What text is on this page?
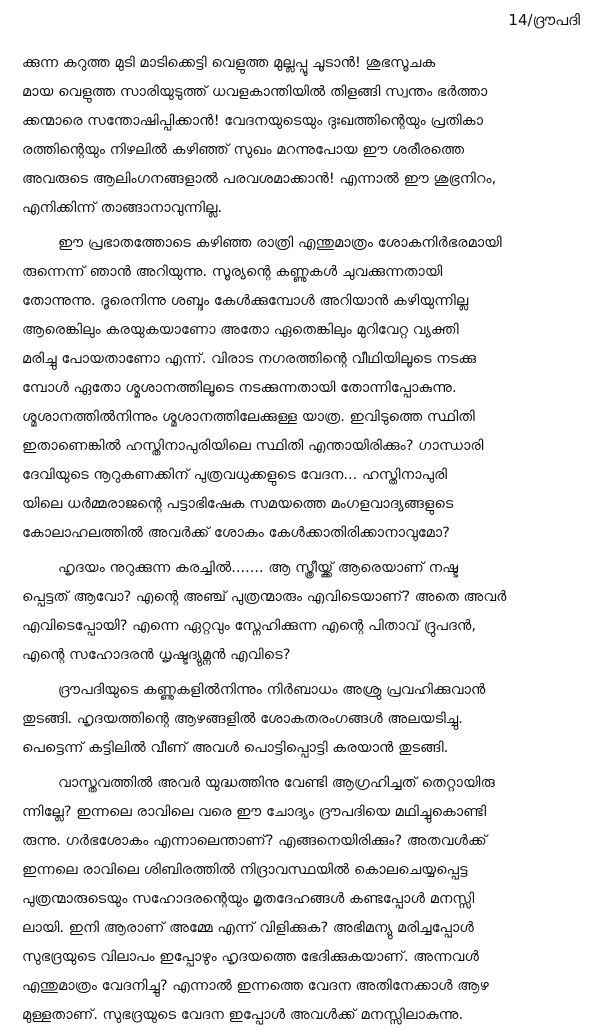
14/ദ്രൗപദി
ക്കുന്ന കറുത്ത മുടി മാടിക്കെട്ടി വെളുത്ത മുല്ലപ്പൂ ചൂടാൻ! ശുഭസൂചക
മായ വെളുത്ത സാരിയുടുത്ത് ധവളകാന്തിയിൽ തിളങ്ങി സ്വന്തം ഭർത്താ
ക്കന്മാരെ സന്തോഷിപ്പിക്കാൻ! വേദനയുടെയും ദുഃഖത്തിന്റെയും പ്രതികാ
രത്തിന്റെയും നിഴലിൽ കഴിഞ്ഞ് സുഖം മറന്നുപോയ ഈ ശരീരത്തെ
അവരുടെ ആലിംഗനങ്ങളാൽ പരവശമാക്കാൻ! എന്നാൽ ഈ ശുഭ്രനിറം,
എനിക്കിന്ന് താങ്ങാനാവുന്നില്ല.
ഈ പ്രഭാതത്തോടെ കഴിഞ്ഞ രാത്രി എന്തുമാത്രം ശോകനിർഭരമായി
രുന്നെന്ന് ഞാൻ അറിയുന്നു. സൂര്യന്റെ കണ്ണുകൾ ചുവക്കുന്നതായി
തോന്നുന്നു. ദൂരെനിന്നു ശബ്ദം കേൾക്കുമ്പോൾ അറിയാൻ കഴിയുന്നില്ല
ആരെങ്കിലും കരയുകയാണോ അതോ ഏതെങ്കിലും മുറിവേറ്റ വ്യക്തി
മരിച്ചു പോയതാണോ എന്ന്. വിരാട നഗരത്തിന്റെ വീഥിയിലൂടെ നടക്കു
മ്പോൾ ഏതോ ശ്മശാനത്തിലൂടെ നടക്കുന്നതായി തോന്നിപ്പോകുന്നു.
ശ്മശാനത്തിൽനിന്നും ശ്മശാനത്തിലേക്കുള്ള യാത്ര. ഇവിടുത്തെ സ്ഥിതി
ഇതാണെങ്കിൽ ഹസ്തിനാപുരിയിലെ സ്ഥിതി എന്തായിരിക്കും? ഗാന്ധാരി
ദേവിയുടെ നൂറുകണക്കിന് പുത്രവധുക്കളുടെ വേദന... ഹസ്തിനാപുരി
യിലെ ധർമ്മരാജന്റെ പട്ടാഭിഷേക സമയത്തെ മംഗളവാദ്യങ്ങളുടെ
കോലാഹലത്തിൽ അവർക്ക് ശോകം കേൾക്കാതിരിക്കാനാവുമോ?
ഹൃദയം നുറുക്കുന്ന കരച്ചിൽ....... ആ സ്ത്രീയ്ക്ക് ആരെയാണ് നഷ്ട
പ്പെട്ടത് ആവോ? എന്റെ അഞ്ച് പുത്രന്മാരും എവിടെയാണ്? അതെ അവർ
എവിടെപ്പോയി? എന്നെ ഏറ്റവും സ്നേഹിക്കുന്ന എന്റെ പിതാവ് ദ്രുപദൻ,
എന്റെ സഹോദരൻ ധൃഷ്ടദ്യുമ്നൻ എവിടെ?
ദ്രൗപദിയുടെ കണ്ണുകളിൽനിന്നും നിർബാധം അശ്രു പ്രവഹിക്കുവാൻ
തുടങ്ങി. ഹൃദയത്തിന്റെ ആഴങ്ങളിൽ ശോകതരംഗങ്ങൾ അലയടിച്ചു.
പെട്ടെന്ന് കട്ടിലിൽ വീണ് അവൾ പൊട്ടിപ്പൊട്ടി കരയാൻ തുടങ്ങി.
വാസ്തവത്തിൽ അവർ യുദ്ധത്തിനു വേണ്ടി ആഗ്രഹിച്ചത് തെറ്റായിരു
ന്നില്ലേ? ഇന്നലെ രാവിലെ വരെ ഈ ചോദ്യം ദ്രൗപദിയെ മഥിച്ചുകൊണ്ടി
രുന്നു. ഗർഭശോകം എന്നാലെന്താണ്? എങ്ങനെയിരിക്കും? അതവൾക്ക്
ഇന്നലെ രാവിലെ ശിബിരത്തിൽ നിദ്രാവസ്ഥയിൽ കൊലചെയ്യപ്പെട്ട
പുത്രന്മാരുടെയും സഹോദരന്റെയും മൃതദേഹങ്ങൾ കണ്ടപ്പോൾ മനസ്സി
ലായി. ഇനി ആരാണ് അമ്മേ എന്ന് വിളിക്കുക? അഭിമന്യു മരിച്ചപ്പോൾ
സുഭദ്രയുടെ വിലാപം ഇപ്പോഴും ഹൃദയത്തെ ഭേദിക്കുകയാണ്. അന്നവൾ
എന്തുമാത്രം വേദനിച്ചു? എന്നാൽ ഇന്നത്തെ വേദന അതിനേക്കാൾ ആഴ
മുള്ളതാണ്. സുഭദ്രയുടെ വേദന ഇപ്പോൾ അവൾക്ക് മനസ്സിലാകുന്നു.
